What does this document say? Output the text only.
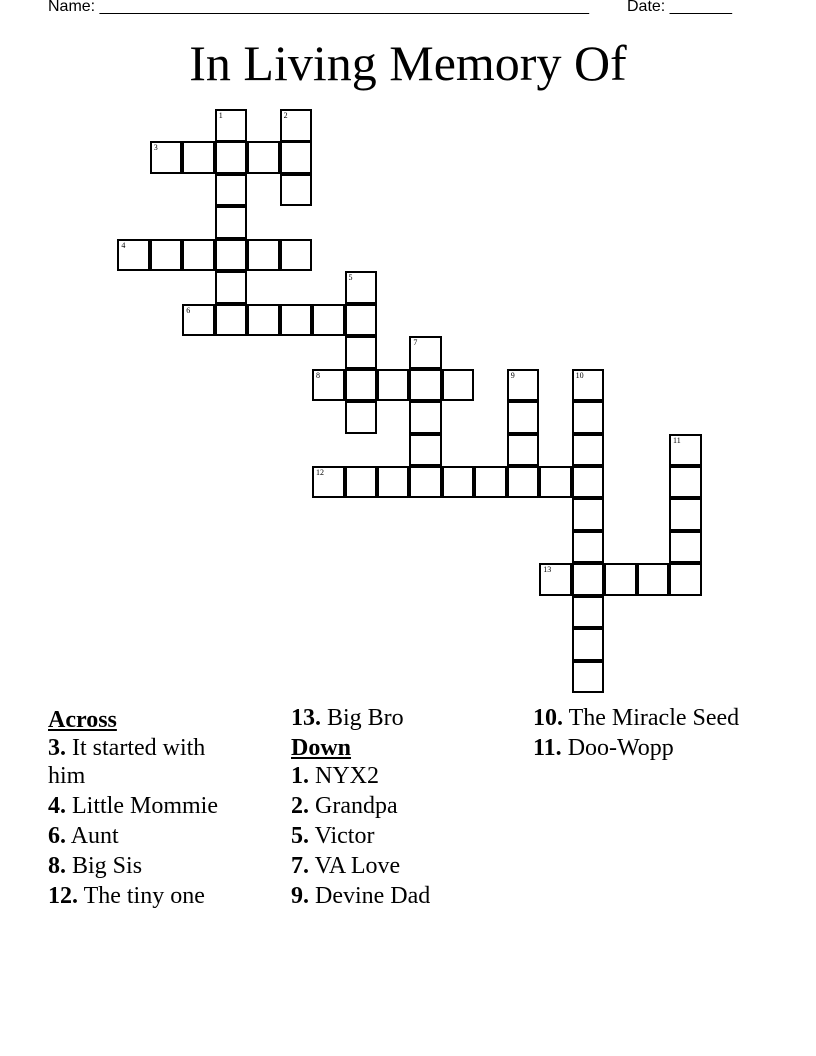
Name: _______________________________________________________ Date: _______
In Living Memory Of
1	2
3
4
5
6
7
8	9	10
11
12
13
Across
3. It started with him
4. Little Mommie
6. Aunt
8. Big Sis
12. The tiny one
13. Big Bro
Down
1. NYX2
2. Grandpa
5. Victor
7. VA Love
9. Devine Dad
10. The Miracle Seed
11. Doo-Wopp
